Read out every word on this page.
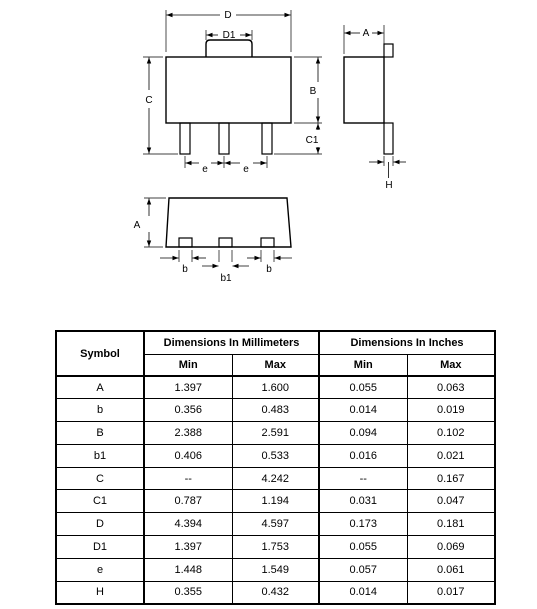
D
D1
C
B
C1
e	e
A
H
A
b
b1
b
Symbol	Dimensions In Millimeters		Dimensions In Inches	
	Min	Max	Min	Max
A	1.397	1.600	0.055	0.063
b	0.356	0.483	0.014	0.019
B	2.388	2.591	0.094	0.102
b1	0.406	0.533	0.016	0.021
C	--	4.242	--	0.167
C1	0.787	1.194	0.031	0.047
D	4.394	4.597	0.173	0.181
D1	1.397	1.753	0.055	0.069
e	1.448	1.549	0.057	0.061
H	0.355	0.432	0.014	0.017
